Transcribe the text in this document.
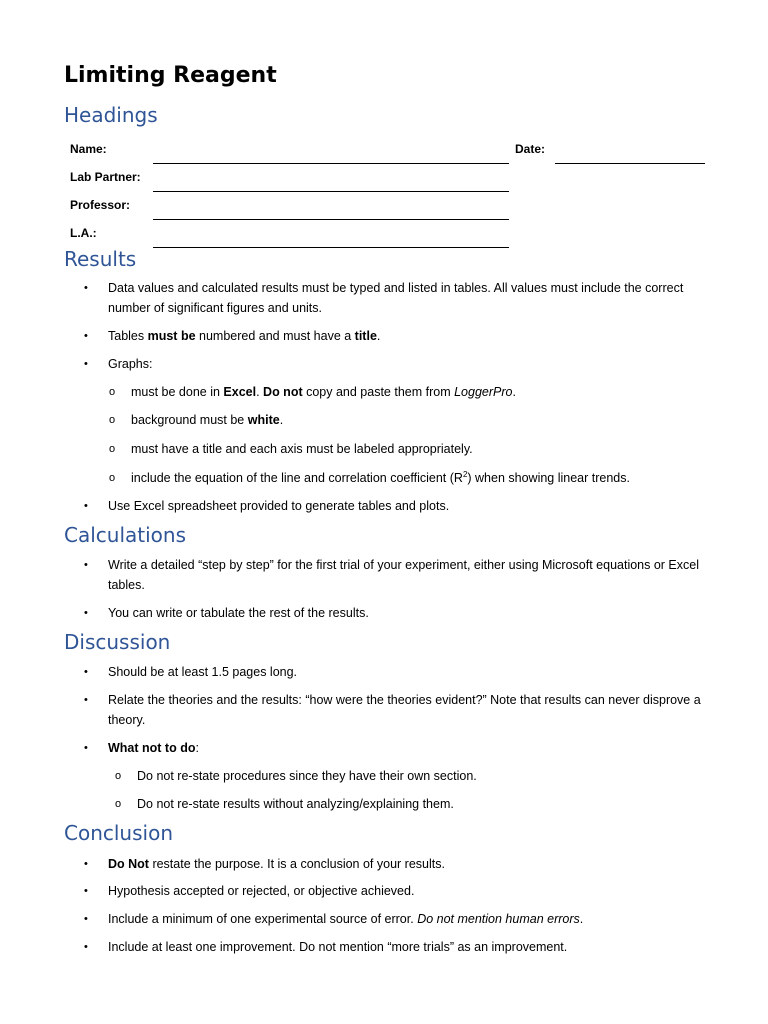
Limiting Reagent
Headings
Name:	Date:
Lab Partner:
Professor:
L.A.:
Results
•	Data values and calculated results must be typed and listed in tables. All values must include the correct number of significant figures and units.
•	Tables must be numbered and must have a title.
•	Graphs:
o	must be done in Excel. Do not copy and paste them from LoggerPro.
o	background must be white.
o	must have a title and each axis must be labeled appropriately.
o	include the equation of the line and correlation coefficient $(R^2)$ when showing linear trends.
•	Use Excel spreadsheet provided to generate tables and plots.
Calculations
•	Write a detailed “step by step” for the first trial of your experiment, either using Microsoft equations or Excel tables.
•	You can write or tabulate the rest of the results.
Discussion
•	Should be at least 1.5 pages long.
•	Relate the theories and the results: “how were the theories evident?” Note that results can never disprove a theory.
•	What not to do:
o	Do not re-state procedures since they have their own section.
o	Do not re-state results without analyzing/explaining them.
Conclusion
•	Do Not restate the purpose. It is a conclusion of your results.
•	Hypothesis accepted or rejected, or objective achieved.
•	Include a minimum of one experimental source of error. Do not mention human errors.
•	Include at least one improvement. Do not mention “more trials” as an improvement.
